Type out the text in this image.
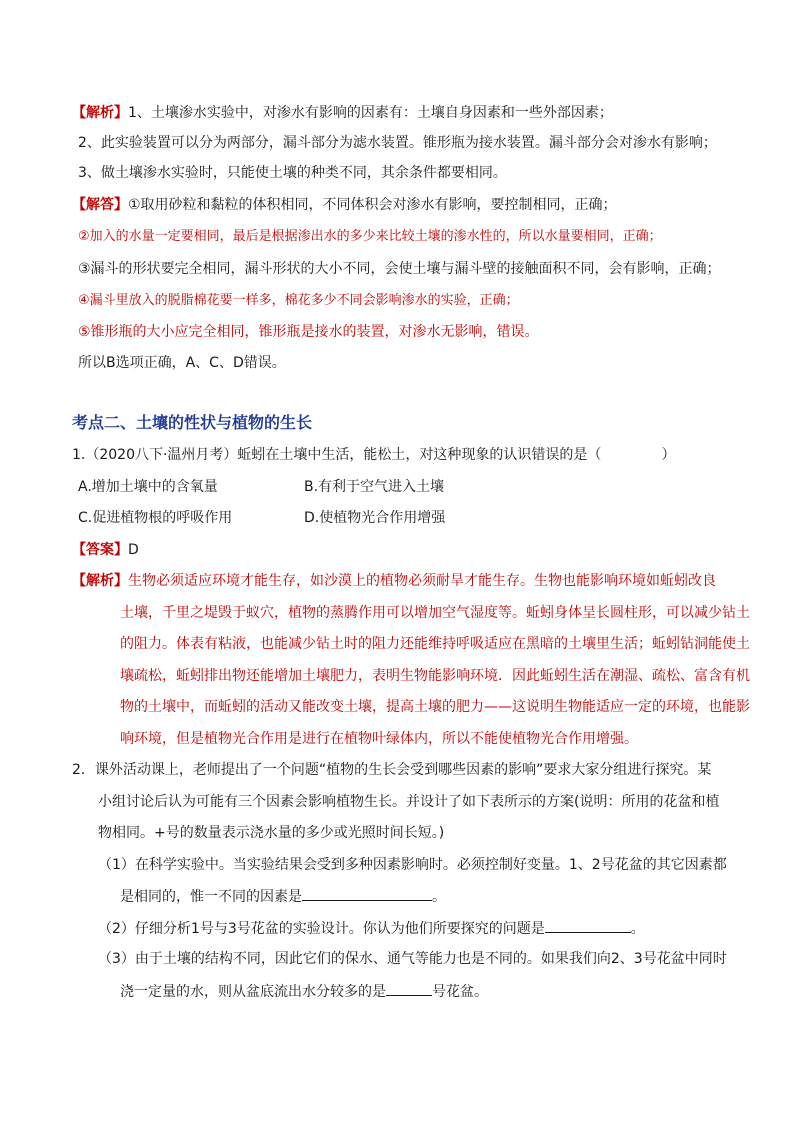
【解析】1、土壤渗水实验中，对渗水有影响的因素有：土壤自身因素和一些外部因素；
2、此实验装置可以分为两部分，漏斗部分为滤水装置。锥形瓶为接水装置。漏斗部分会对渗水有影响；
3、做土壤渗水实验时，只能使土壤的种类不同，其余条件都要相同。
【解答】①取用砂粒和黏粒的体积相同，不同体积会对渗水有影响，要控制相同，正确；
②加入的水量一定要相同，最后是根据渗出水的多少来比较土壤的渗水性的，所以水量要相同，正确；
③漏斗的形状要完全相同，漏斗形状的大小不同，会使土壤与漏斗壁的接触面积不同，会有影响，正确；
④漏斗里放入的脱脂棉花要一样多，棉花多少不同会影响渗水的实验，正确；
⑤锥形瓶的大小应完全相同，锥形瓶是接水的装置，对渗水无影响，错误。
所以B选项正确，A、C、D错误。
考点二、土壤的性状与植物的生长
1.（2020八下·温州月考）蚯蚓在土壤中生活，能松土，对这种现象的认识错误的是（	）
A.增加土壤中的含氧量	B.有利于空气进入土壤
C.促进植物根的呼吸作用	D.使植物光合作用增强
【答案】D
【解析】生物必须适应环境才能生存，如沙漠上的植物必须耐旱才能生存。生物也能影响环境如蚯蚓改良
土壤，千里之堤毁于蚁穴，植物的蒸腾作用可以增加空气湿度等。蚯蚓身体呈长圆柱形，可以减少钻土
的阻力。体表有粘液，也能减少钻土时的阻力还能维持呼吸适应在黑暗的土壤里生活；蚯蚓钻洞能使土
壤疏松，蚯蚓排出物还能增加土壤肥力，表明生物能影响环境．因此蚯蚓生活在潮湿、疏松、富含有机
物的土壤中，而蚯蚓的活动又能改变土壤，提高土壤的肥力——这说明生物能适应一定的环境，也能影
响环境，但是植物光合作用是进行在植物叶绿体内，所以不能使植物光合作用增强。
2．课外活动课上，老师提出了一个问题“植物的生长会受到哪些因素的影响”要求大家分组进行探究。某
小组讨论后认为可能有三个因素会影响植物生长。并设计了如下表所示的方案(说明：所用的花盆和植
物相同。+号的数量表示浇水量的多少或光照时间长短。)
（1）在科学实验中。当实验结果会受到多种因素影响时。必须控制好变量。1、2号花盆的其它因素都
是相同的，惟一不同的因素是	。
（2）仔细分析1号与3号花盆的实验设计。你认为他们所要探究的问题是	。
（3）由于土壤的结构不同，因此它们的保水、通气等能力也是不同的。如果我们向2、3号花盆中同时
浇一定量的水，则从盆底流出水分较多的是	号花盆。
